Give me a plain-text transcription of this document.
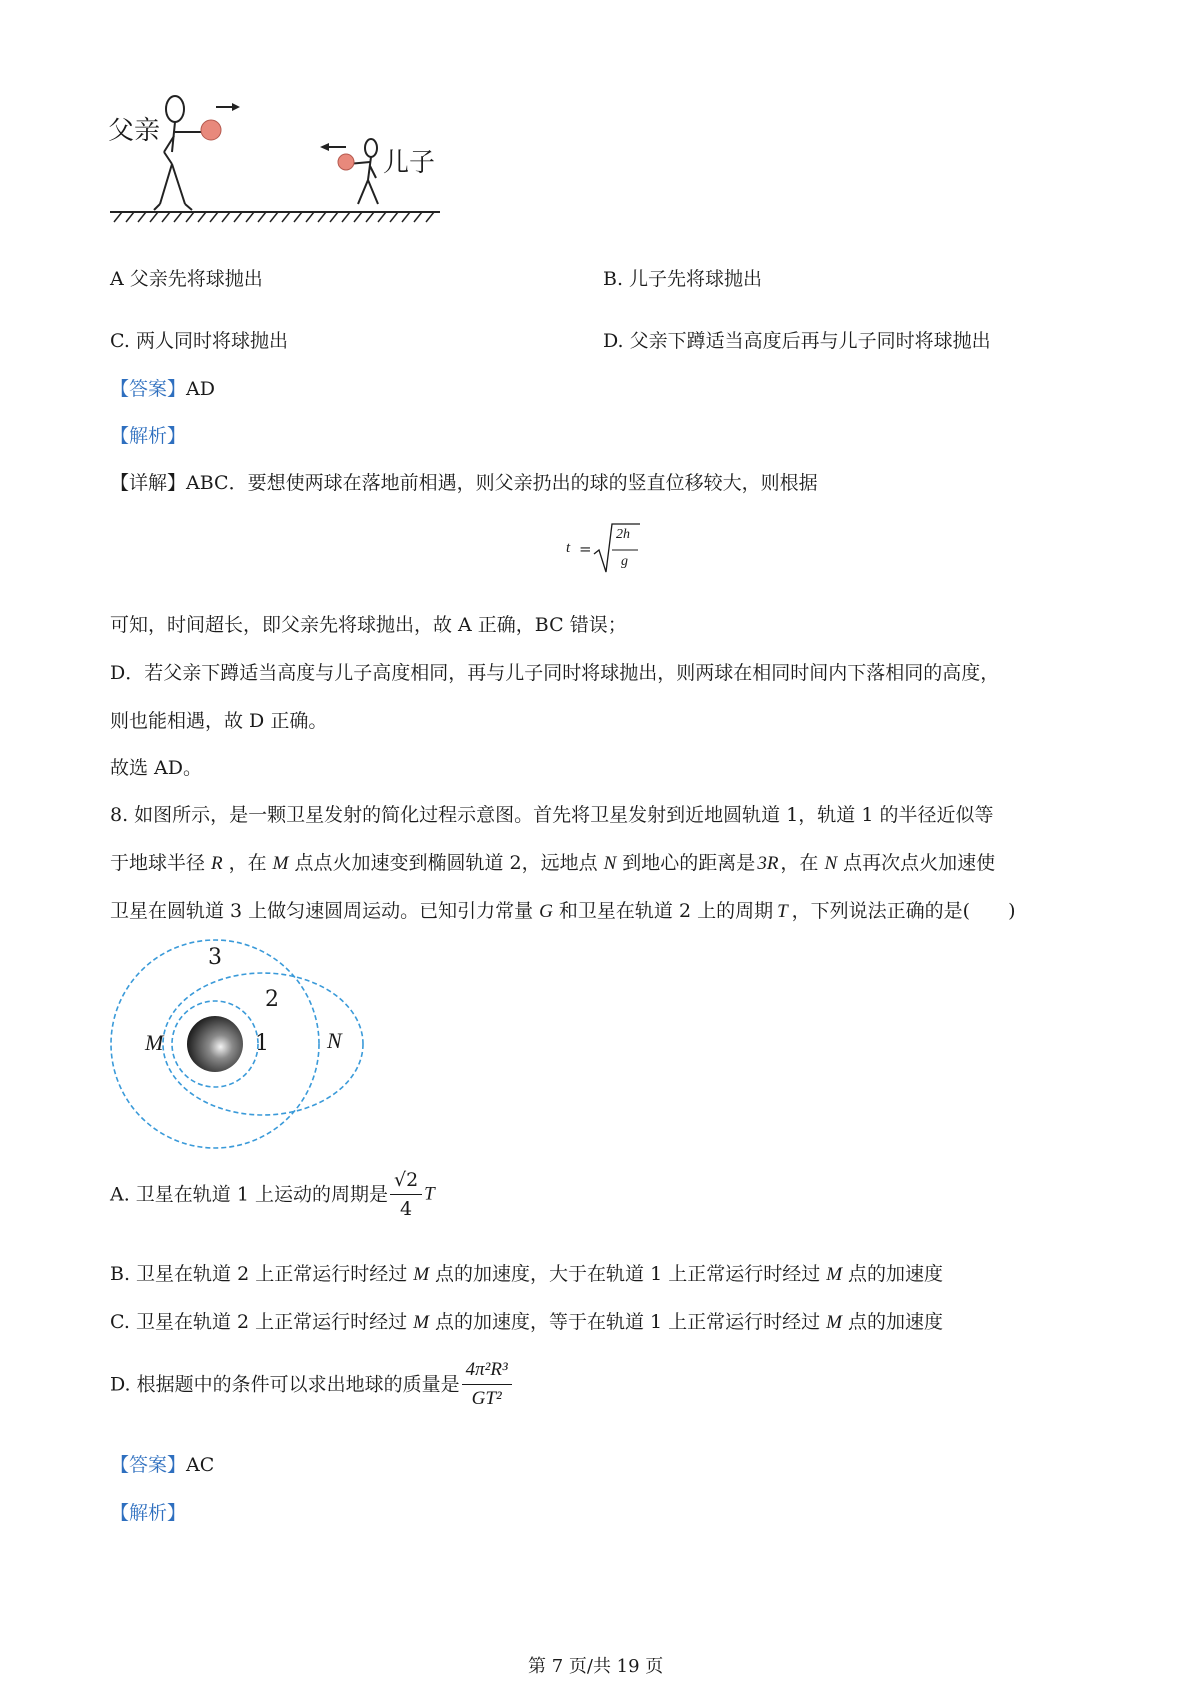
父亲
儿子
A 父亲先将球抛出	B. 儿子先将球抛出
C. 两人同时将球抛出	D. 父亲下蹲适当高度后再与儿子同时将球抛出
【答案】AD
【解析】
【详解】ABC．要想使两球在落地前相遇，则父亲扔出的球的竖直位移较大，则根据
t =
2h
g
可知，时间超长，即父亲先将球抛出，故 A 正确，BC 错误；
D．若父亲下蹲适当高度与儿子高度相同，再与儿子同时将球抛出，则两球在相同时间内下落相同的高度，
则也能相遇，故 D 正确。
故选 AD。
8. 如图所示，是一颗卫星发射的简化过程示意图。首先将卫星发射到近地圆轨道 1，轨道 1 的半径近似等
于地球半径 R ，在 M 点点火加速变到椭圆轨道 2，远地点 N 到地心的距离是 3R ，在 N 点再次点火加速使
卫星在圆轨道 3 上做匀速圆周运动。已知引力常量 G 和卫星在轨道 2 上的周期 T ，下列说法正确的是( )
3
2
1
M	N
A. 卫星在轨道 1 上运动的周期是 $\frac{√2}{4}$ T
B. 卫星在轨道 2 上正常运行时经过 M 点的加速度，大于在轨道 1 上正常运行时经过 M 点的加速度
C. 卫星在轨道 2 上正常运行时经过 M 点的加速度，等于在轨道 1 上正常运行时经过 M 点的加速度
D. 根据题中的条件可以求出地球的质量是 $\frac{\text{4π²R³}}{\text{GT²}}$
【答案】AC
【解析】
第 7 页/共 19 页
